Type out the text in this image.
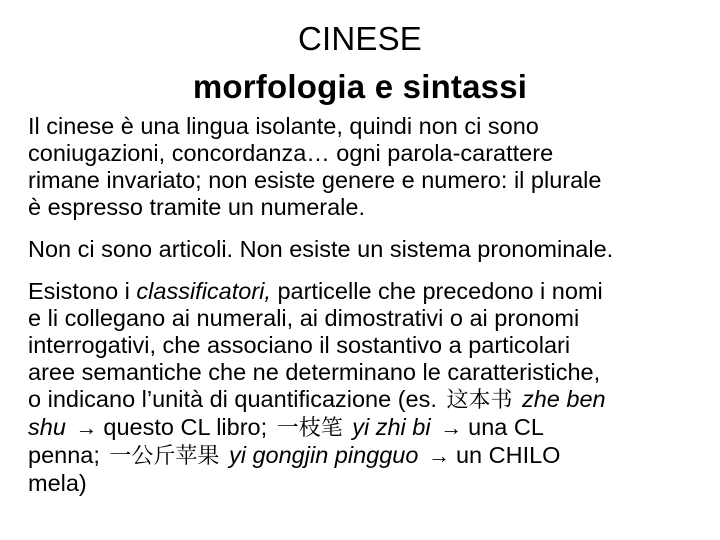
CINESE
morfologia e sintassi

Il cinese è una lingua isolante, quindi non ci sono
coniugazioni, concordanza… ogni parola-carattere
rimane invariato; non esiste genere e numero: il plurale
è espresso tramite un numerale.

Non ci sono articoli. Non esiste un sistema pronominale.

Esistono i classificatori, particelle che precedono i nomi
e li collegano ai numerali, ai dimostrativi o ai pronomi
interrogativi, che associano il sostantivo a particolari
aree semantiche che ne determinano le caratteristiche,
o indicano l’unità di quantificazione (es. 这本书 zhe ben
shu → questo CL libro; 一枝笔 yi zhi bi → una CL
penna; 一公斤苹果 yi gongjin pingguo → un CHILO
mela)
